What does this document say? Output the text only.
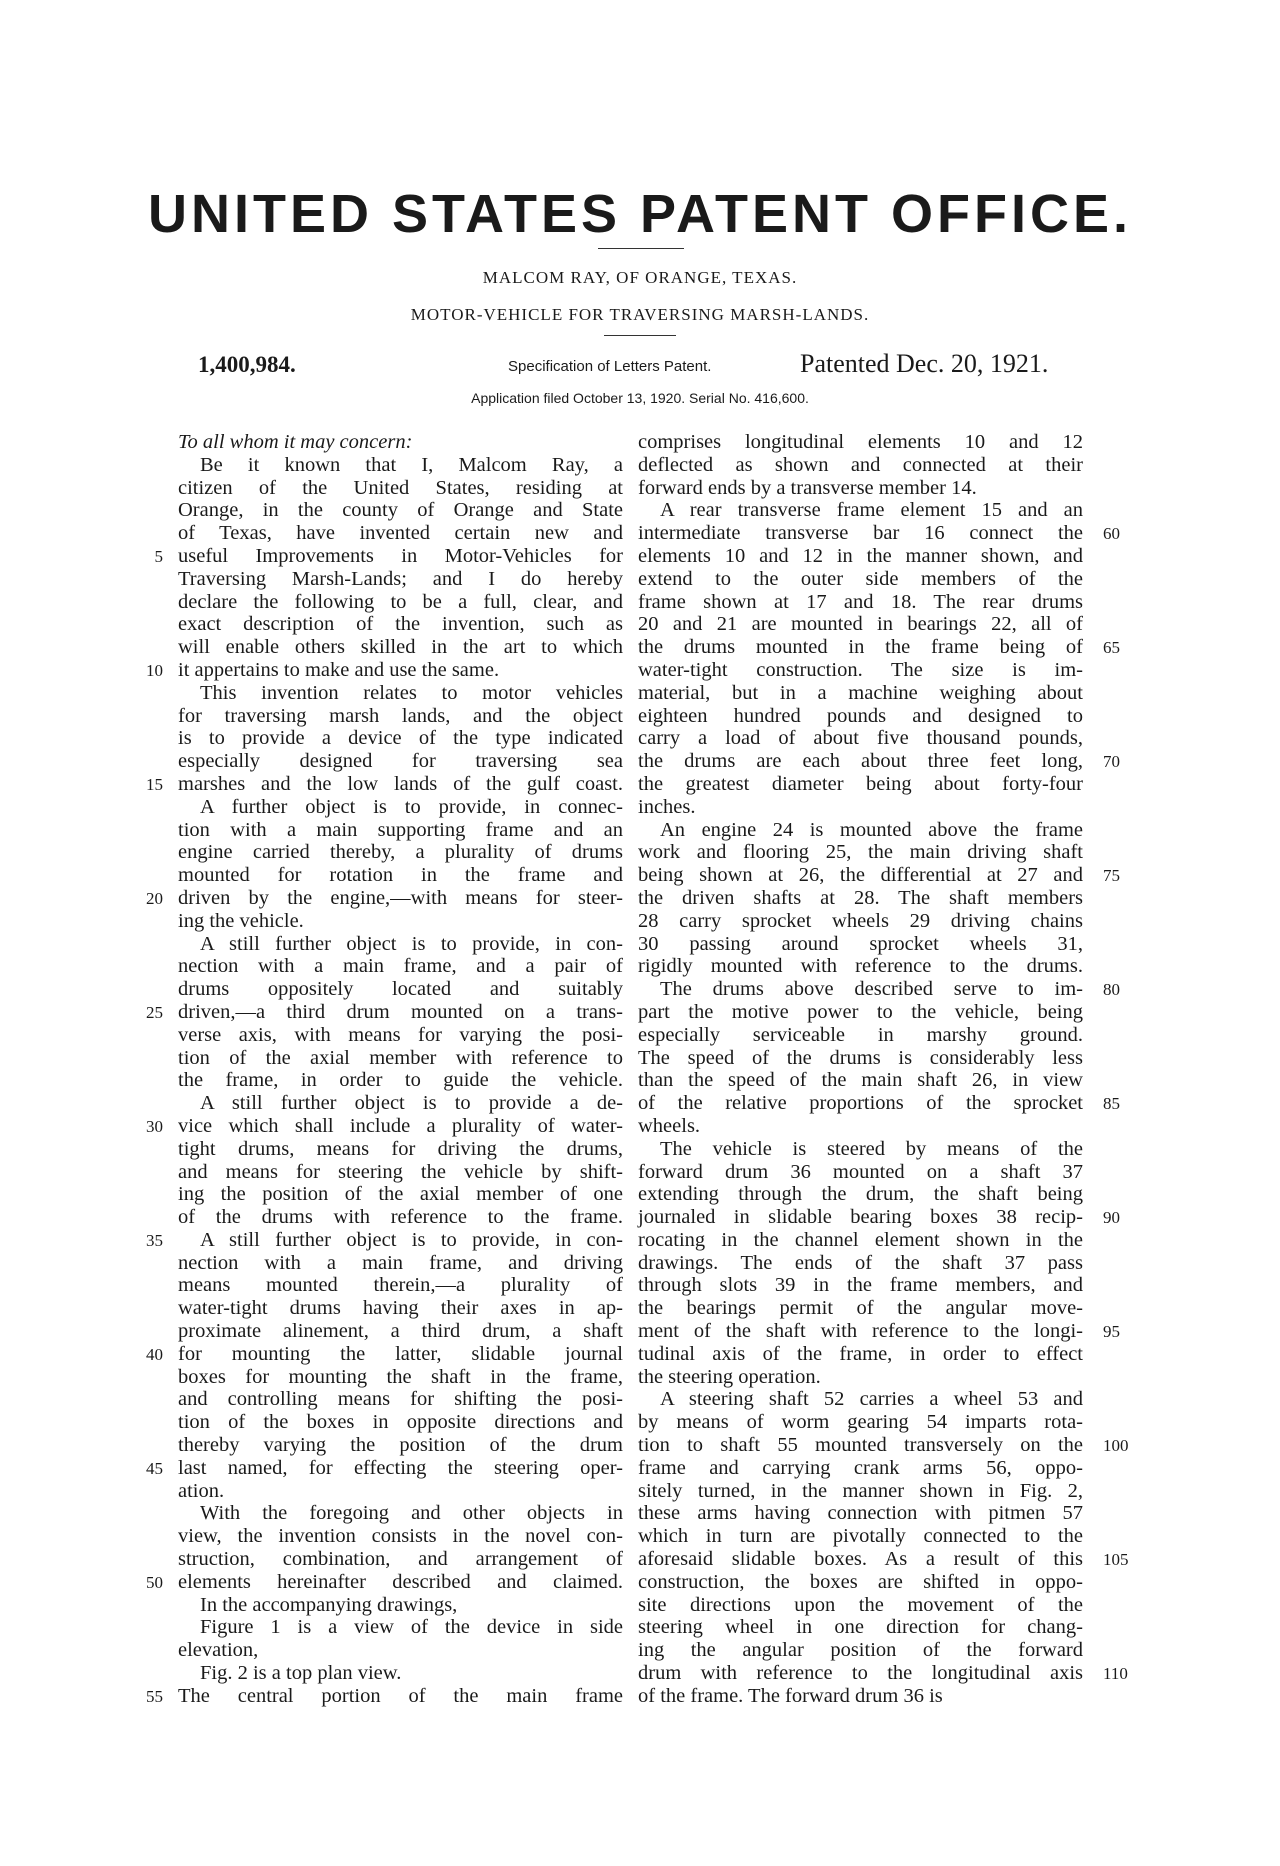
UNITED STATES PATENT OFFICE.
MALCOM RAY, OF ORANGE, TEXAS.
MOTOR-VEHICLE FOR TRAVERSING MARSH-LANDS.
1,400,984.	Specification of Letters Patent.	Patented Dec. 20, 1921.
Application filed October 13, 1920. Serial No. 416,600.
To all whom it may concern:
Be it known that I, Malcom Ray, a
citizen of the United States, residing at
Orange, in the county of Orange and State
of Texas, have invented certain new and
useful Improvements in Motor-Vehicles for
Traversing Marsh-Lands; and I do hereby
declare the following to be a full, clear, and
exact description of the invention, such as
will enable others skilled in the art to which
it appertains to make and use the same.
This invention relates to motor vehicles
for traversing marsh lands, and the object
is to provide a device of the type indicated
especially designed for traversing sea
marshes and the low lands of the gulf coast.
A further object is to provide, in connec-
tion with a main supporting frame and an
engine carried thereby, a plurality of drums
mounted for rotation in the frame and
driven by the engine,—with means for steer-
ing the vehicle.
A still further object is to provide, in con-
nection with a main frame, and a pair of
drums oppositely located and suitably
driven,—a third drum mounted on a trans-
verse axis, with means for varying the posi-
tion of the axial member with reference to
the frame, in order to guide the vehicle.
A still further object is to provide a de-
vice which shall include a plurality of water-
tight drums, means for driving the drums,
and means for steering the vehicle by shift-
ing the position of the axial member of one
of the drums with reference to the frame.
A still further object is to provide, in con-
nection with a main frame, and driving
means mounted therein,—a plurality of
water-tight drums having their axes in ap-
proximate alinement, a third drum, a shaft
for mounting the latter, slidable journal
boxes for mounting the shaft in the frame,
and controlling means for shifting the posi-
tion of the boxes in opposite directions and
thereby varying the position of the drum
last named, for effecting the steering oper-
ation.
With the foregoing and other objects in
view, the invention consists in the novel con-
struction, combination, and arrangement of
elements hereinafter described and claimed.
In the accompanying drawings,
Figure 1 is a view of the device in side
elevation,
Fig. 2 is a top plan view.
The central portion of the main frame
comprises longitudinal elements 10 and 12
deflected as shown and connected at their
forward ends by a transverse member 14.
A rear transverse frame element 15 and an
intermediate transverse bar 16 connect the
elements 10 and 12 in the manner shown, and
extend to the outer side members of the
frame shown at 17 and 18. The rear drums
20 and 21 are mounted in bearings 22, all of
the drums mounted in the frame being of
water-tight construction. The size is im-
material, but in a machine weighing about
eighteen hundred pounds and designed to
carry a load of about five thousand pounds,
the drums are each about three feet long,
the greatest diameter being about forty-four
inches.
An engine 24 is mounted above the frame
work and flooring 25, the main driving shaft
being shown at 26, the differential at 27 and
the driven shafts at 28. The shaft members
28 carry sprocket wheels 29 driving chains
30 passing around sprocket wheels 31,
rigidly mounted with reference to the drums.
The drums above described serve to im-
part the motive power to the vehicle, being
especially serviceable in marshy ground.
The speed of the drums is considerably less
than the speed of the main shaft 26, in view
of the relative proportions of the sprocket
wheels.
The vehicle is steered by means of the
forward drum 36 mounted on a shaft 37
extending through the drum, the shaft being
journaled in slidable bearing boxes 38 recip-
rocating in the channel element shown in the
drawings. The ends of the shaft 37 pass
through slots 39 in the frame members, and
the bearings permit of the angular move-
ment of the shaft with reference to the longi-
tudinal axis of the frame, in order to effect
the steering operation.
A steering shaft 52 carries a wheel 53 and
by means of worm gearing 54 imparts rota-
tion to shaft 55 mounted transversely on the
frame and carrying crank arms 56, oppo-
sitely turned, in the manner shown in Fig. 2,
these arms having connection with pitmen 57
which in turn are pivotally connected to the
aforesaid slidable boxes. As a result of this
construction, the boxes are shifted in oppo-
site directions upon the movement of the
steering wheel in one direction for chang-
ing the angular position of the forward
drum with reference to the longitudinal axis
of the frame. The forward drum 36 is
5
10
15
20
25
30
35
40
45
50
55
60
65
70
75
80
85
90
95
100
105
110
